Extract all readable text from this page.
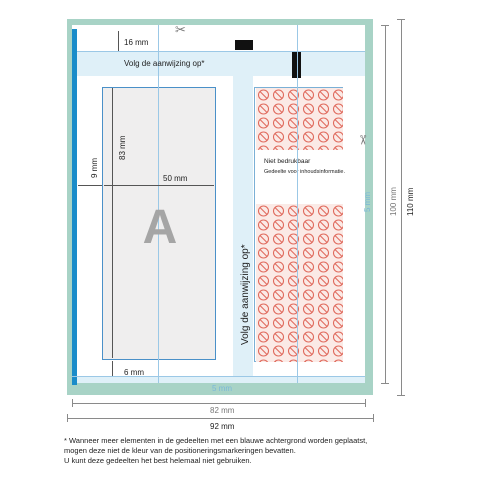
✂
✂
16 mm
Volg de aanwijzing op*
A
83 mm
50 mm
9 mm
6 mm
Volg de aanwijzing op*
Niet bedrukbaar
Gedeelte voor inhoudsinformatie.
5 mm
5 mm 100 mm 110 mm
82 mm
92 mm
* Wanneer meer elementen in de gedeelten met een blauwe achtergrond worden geplaatst,
mogen deze niet de kleur van de positioneringsmarkeringen bevatten.
U kunt deze gedeelten het best helemaal niet gebruiken.
